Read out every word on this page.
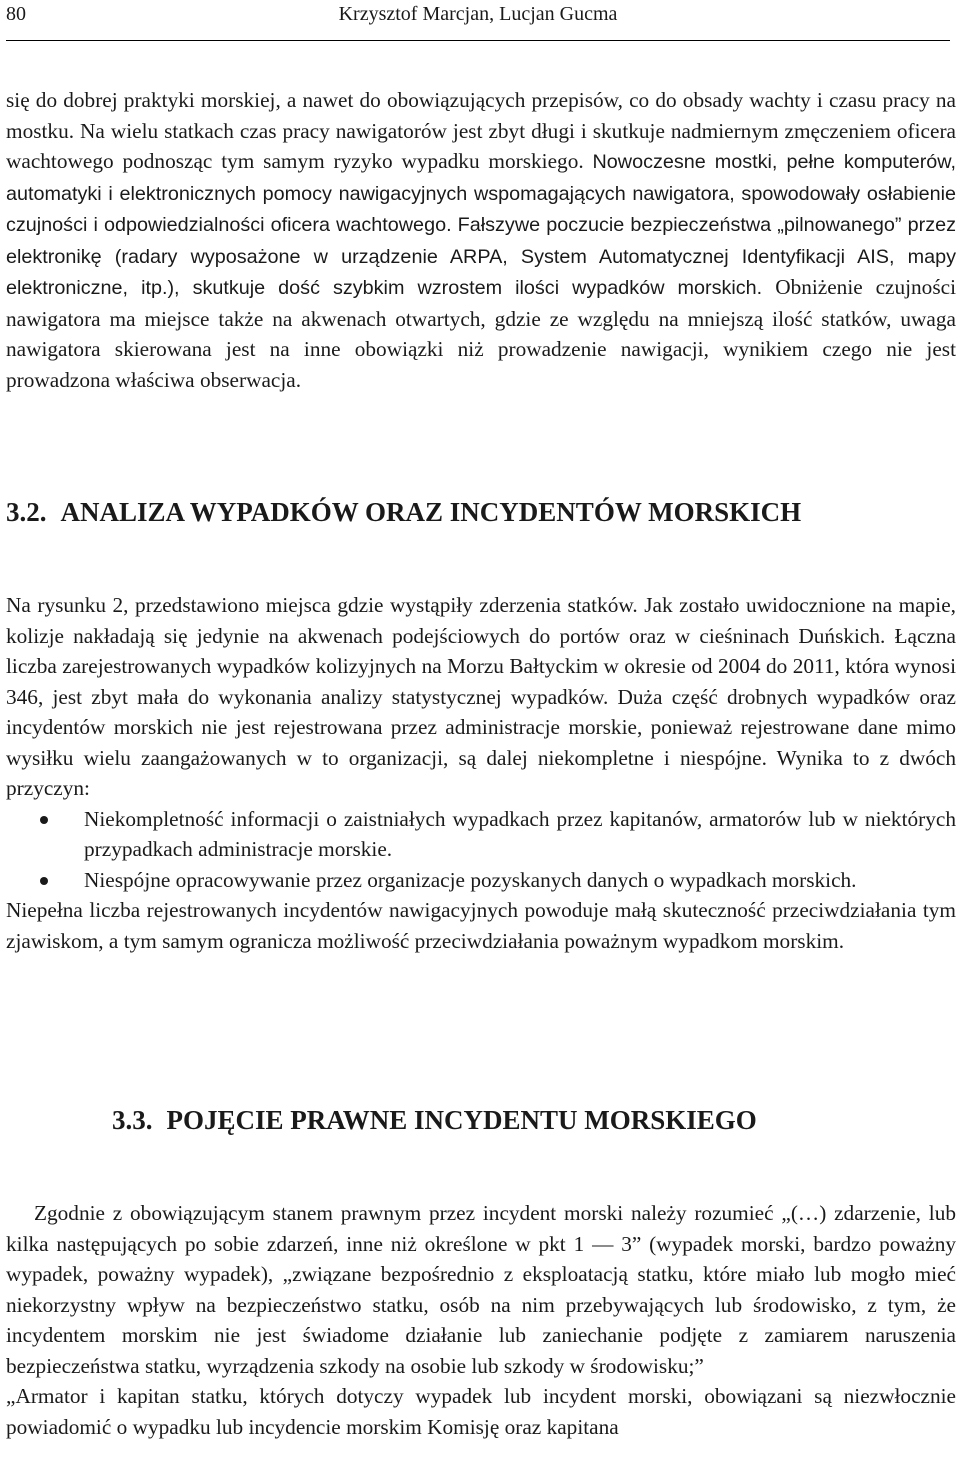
80	Krzysztof Marcjan, Lucjan Gucma

się do dobrej praktyki morskiej, a nawet do obowiązujących przepisów, co do obsady wachty i czasu pracy na mostku. Na wielu statkach czas pracy nawigatorów jest zbyt długi i skutkuje nadmiernym zmęczeniem oficera wachtowego podnosząc tym samym ryzyko wypadku morskiego. Nowoczesne mostki, pełne komputerów, automatyki i elektronicznych pomocy nawigacyjnych wspomagających nawigatora, spowodowały osłabienie czujności i odpowiedzialności oficera wachtowego. Fałszywe poczucie bezpieczeństwa „pilnowanego” przez elektronikę (radary wyposażone w urządzenie ARPA, System Automatycznej Identyfikacji AIS, mapy elektroniczne, itp.), skutkuje dość szybkim wzrostem ilości wypadków morskich. Obniżenie czujności nawigatora ma miejsce także na akwenach otwartych, gdzie ze względu na mniejszą ilość statków, uwaga nawigatora skierowana jest na inne obowiązki niż prowadzenie nawigacji, wynikiem czego nie jest prowadzona właściwa obserwacja.

3.2. ANALIZA WYPADKÓW ORAZ INCYDENTÓW MORSKICH

Na rysunku 2, przedstawiono miejsca gdzie wystąpiły zderzenia statków. Jak zostało uwidocznione na mapie, kolizje nakładają się jedynie na akwenach podejściowych do portów oraz w cieśninach Duńskich. Łączna liczba zarejestrowanych wypadków kolizyjnych na Morzu Bałtyckim w okresie od 2004 do 2011, która wynosi 346, jest zbyt mała do wykonania analizy statystycznej wypadków. Duża część drobnych wypadków oraz incydentów morskich nie jest rejestrowana przez administracje morskie, ponieważ rejestrowane dane mimo wysiłku wielu zaangażowanych w to organizacji, są dalej niekompletne i niespójne. Wynika to z dwóch przyczyn:

Niekompletność informacji o zaistniałych wypadkach przez kapitanów, armatorów lub w niektórych przypadkach administracje morskie.
Niespójne opracowywanie przez organizacje pozyskanych danych o wypadkach morskich.

Niepełna liczba rejestrowanych incydentów nawigacyjnych powoduje małą skuteczność przeciwdziałania tym zjawiskom, a tym samym ogranicza możliwość przeciwdziałania poważnym wypadkom morskim.

3.3. POJĘCIE PRAWNE INCYDENTU MORSKIEGO

Zgodnie z obowiązującym stanem prawnym przez incydent morski należy rozumieć „(…) zdarzenie, lub kilka następujących po sobie zdarzeń, inne niż określone w pkt 1 — 3” (wypadek morski, bardzo poważny wypadek, poważny wypadek), „związane bezpośrednio z eksploatacją statku, które miało lub mogło mieć niekorzystny wpływ na bezpieczeństwo statku, osób na nim przebywających lub środowisko, z tym, że incydentem morskim nie jest świadome działanie lub zaniechanie podjęte z zamiarem naruszenia bezpieczeństwa statku, wyrządzenia szkody na osobie lub szkody w środowisku;”

„Armator i kapitan statku, których dotyczy wypadek lub incydent morski, obowiązani są niezwłocznie powiadomić o wypadku lub incydencie morskim Komisję oraz kapitana
